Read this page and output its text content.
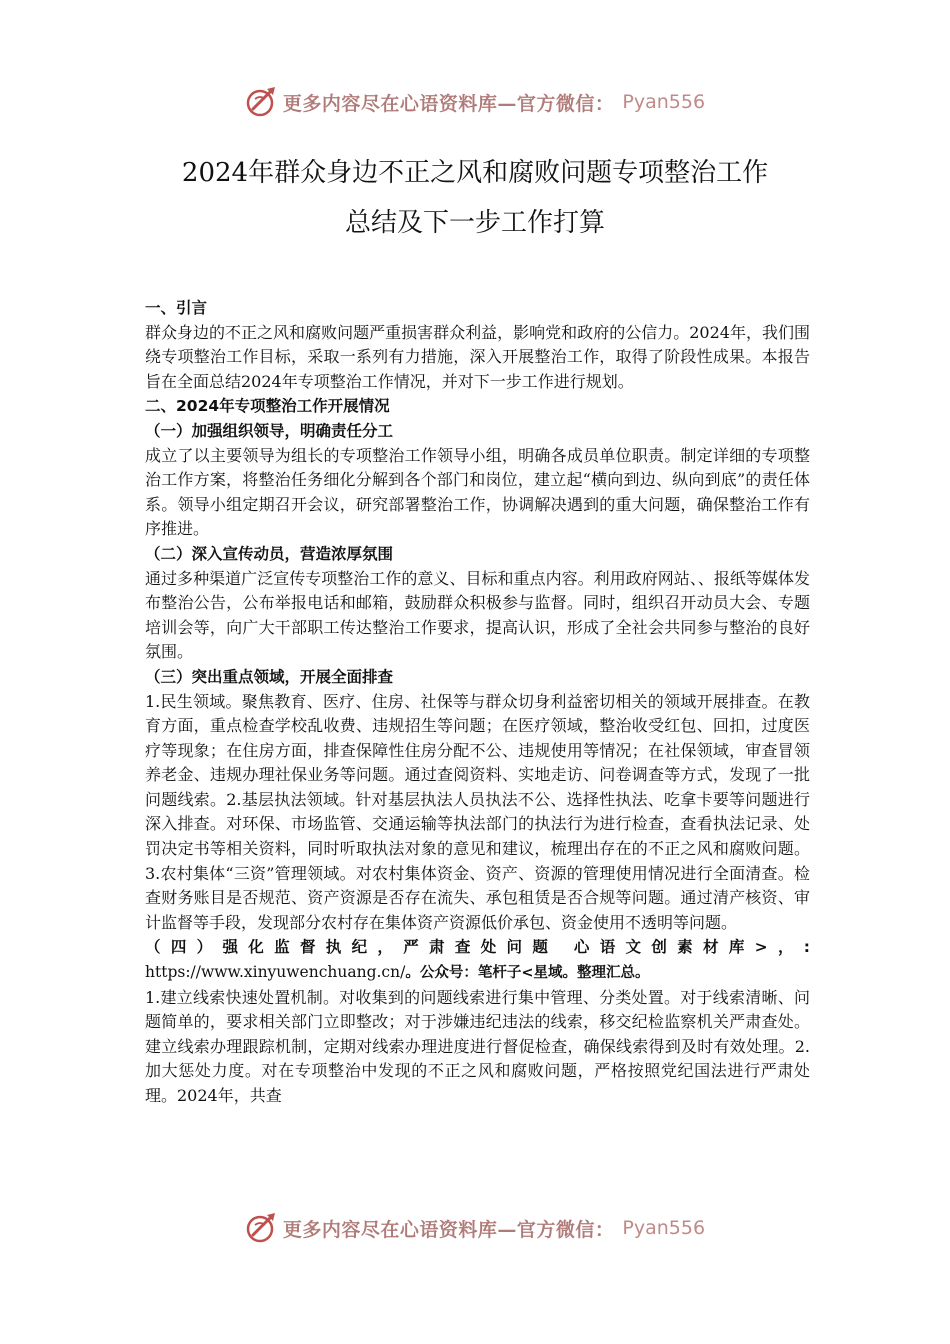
更多内容尽在心语资料库—官方微信： Pyan556
2024年群众身边不正之风和腐败问题专项整治工作
总结及下一步工作打算

一、引言

群众身边的不正之风和腐败问题严重损害群众利益，影响党和政府的公信力。2024年，我们围绕专项整治工作目标，采取一系列有力措施，深入开展整治工作，取得了阶段性成果。本报告旨在全面总结2024年专项整治工作情况，并对下一步工作进行规划。

二、2024年专项整治工作开展情况

（一）加强组织领导，明确责任分工

成立了以主要领导为组长的专项整治工作领导小组，明确各成员单位职责。制定详细的专项整治工作方案，将整治任务细化分解到各个部门和岗位，建立起“横向到边、纵向到底”的责任体系。领导小组定期召开会议，研究部署整治工作，协调解决遇到的重大问题，确保整治工作有序推进。

（二）深入宣传动员，营造浓厚氛围

通过多种渠道广泛宣传专项整治工作的意义、目标和重点内容。利用政府网站、、报纸等媒体发布整治公告，公布举报电话和邮箱，鼓励群众积极参与监督。同时，组织召开动员大会、专题培训会等，向广大干部职工传达整治工作要求，提高认识，形成了全社会共同参与整治的良好氛围。

（三）突出重点领域，开展全面排查

1.民生领域。聚焦教育、医疗、住房、社保等与群众切身利益密切相关的领域开展排查。在教育方面，重点检查学校乱收费、违规招生等问题；在医疗领域，整治收受红包、回扣，过度医疗等现象；在住房方面，排查保障性住房分配不公、违规使用等情况；在社保领域，审查冒领养老金、违规办理社保业务等问题。通过查阅资料、实地走访、问卷调查等方式，发现了一批问题线索。2.基层执法领域。针对基层执法人员执法不公、选择性执法、吃拿卡要等问题进行深入排查。对环保、市场监管、交通运输等执法部门的执法行为进行检查，查看执法记录、处罚决定书等相关资料，同时听取执法对象的意见和建议，梳理出存在的不正之风和腐败问题。3.农村集体“三资”管理领域。对农村集体资金、资产、资源的管理使用情况进行全面清查。检查财务账目是否规范、资产资源是否存在流失、承包租赁是否合规等问题。通过清产核资、审计监督等手段，发现部分农村存在集体资产资源低价承包、资金使用不透明等问题。

（四）强化监督执纪，严肃查处问题 心语文创素材库>，:

https://www.xinyuwenchuang.cn/。公众号：笔杆子<星域。整理汇总。

1.建立线索快速处置机制。对收集到的问题线索进行集中管理、分类处置。对于线索清晰、问题简单的，要求相关部门立即整改；对于涉嫌违纪违法的线索，移交纪检监察机关严肃查处。建立线索办理跟踪机制，定期对线索办理进度进行督促检查，确保线索得到及时有效处理。2.加大惩处力度。对在专项整治中发现的不正之风和腐败问题，严格按照党纪国法进行严肃处理。2024年，共查

更多内容尽在心语资料库—官方微信： Pyan556
